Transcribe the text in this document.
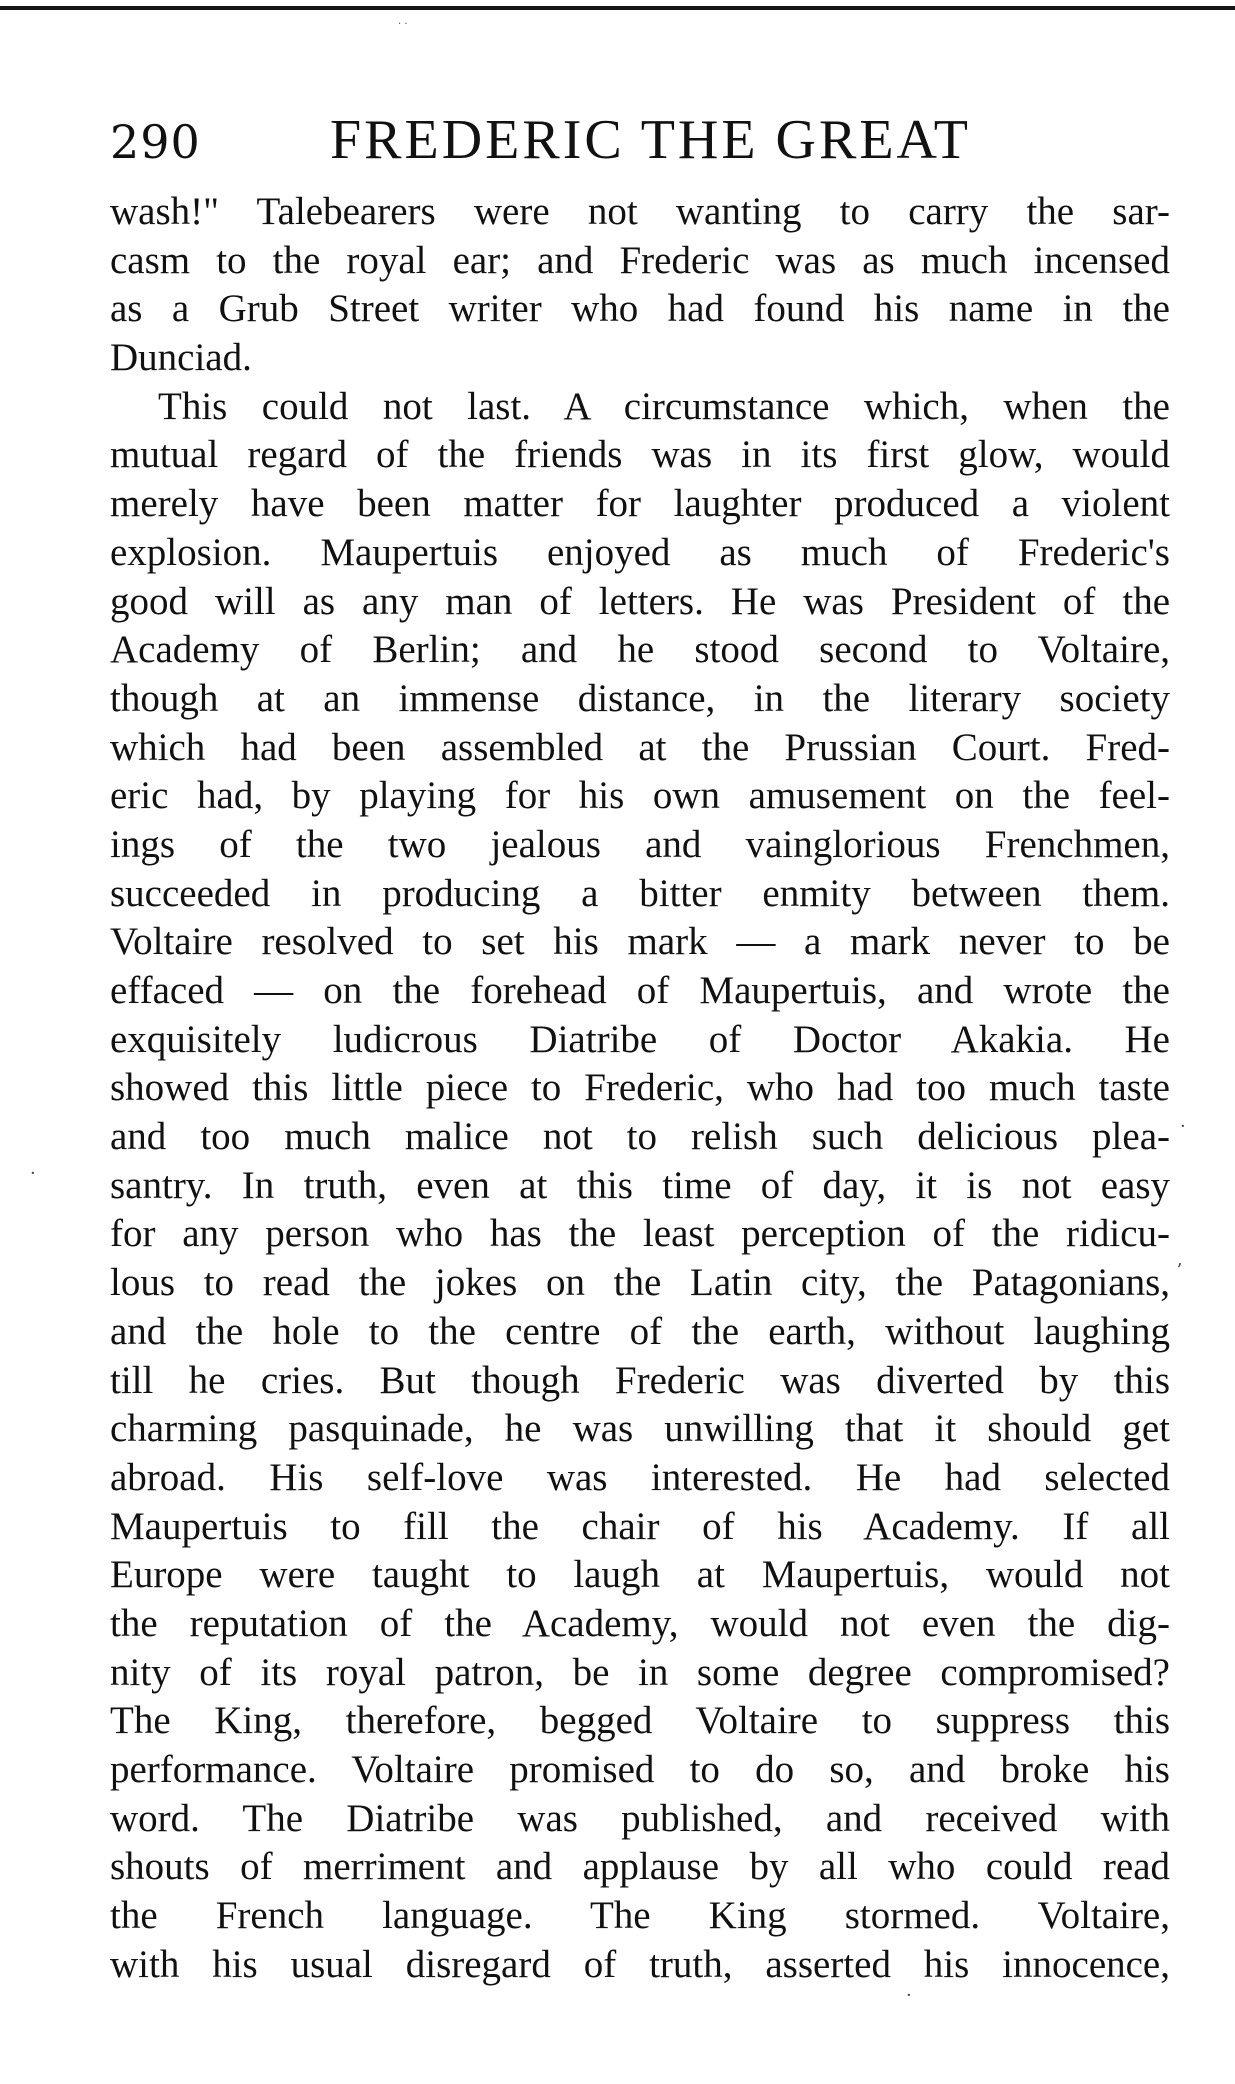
· ·
290 FREDERIC THE GREAT
wash!" Talebearers were not wanting to carry the sar-
casm to the royal ear; and Frederic was as much incensed
as a Grub Street writer who had found his name in the
Dunciad.
This could not last. A circumstance which, when the
mutual regard of the friends was in its first glow, would
merely have been matter for laughter produced a violent
explosion. Maupertuis enjoyed as much of Frederic's
good will as any man of letters. He was President of the
Academy of Berlin; and he stood second to Voltaire,
though at an immense distance, in the literary society
which had been assembled at the Prussian Court. Fred-
eric had, by playing for his own amusement on the feel-
ings of the two jealous and vainglorious Frenchmen,
succeeded in producing a bitter enmity between them.
Voltaire resolved to set his mark — a mark never to be
effaced — on the forehead of Maupertuis, and wrote the
exquisitely ludicrous Diatribe of Doctor Akakia. He
showed this little piece to Frederic, who had too much taste
and too much malice not to relish such delicious plea-
santry. In truth, even at this time of day, it is not easy
for any person who has the least perception of the ridicu-
lous to read the jokes on the Latin city, the Patagonians,
and the hole to the centre of the earth, without laughing
till he cries. But though Frederic was diverted by this
charming pasquinade, he was unwilling that it should get
abroad. His self-love was interested. He had selected
Maupertuis to fill the chair of his Academy. If all
Europe were taught to laugh at Maupertuis, would not
the reputation of the Academy, would not even the dig-
nity of its royal patron, be in some degree compromised?
The King, therefore, begged Voltaire to suppress this
performance. Voltaire promised to do so, and broke his
word. The Diatribe was published, and received with
shouts of merriment and applause by all who could read
the French language. The King stormed. Voltaire,
with his usual disregard of truth, asserted his innocence,
·
ʼ
·
·
